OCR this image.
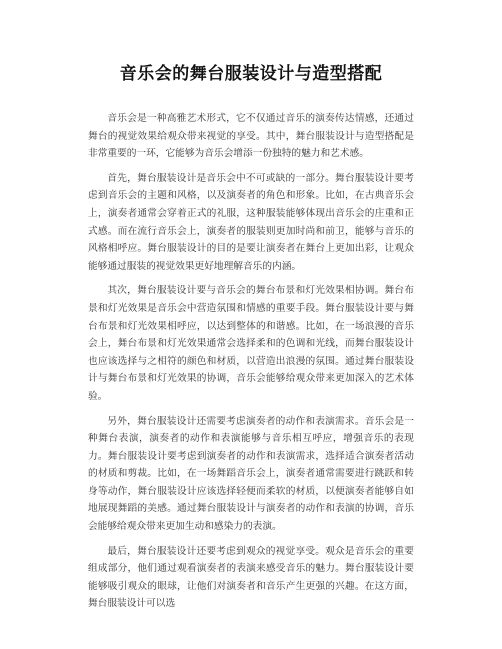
音乐会的舞台服装设计与造型搭配

音乐会是一种高雅艺术形式，它不仅通过音乐的演奏传达情感，还通过舞台的视觉效果给观众带来视觉的享受。其中，舞台服装设计与造型搭配是非常重要的一环，它能够为音乐会增添一份独特的魅力和艺术感。

首先，舞台服装设计是音乐会中不可或缺的一部分。舞台服装设计要考虑到音乐会的主题和风格，以及演奏者的角色和形象。比如，在古典音乐会上，演奏者通常会穿着正式的礼服，这种服装能够体现出音乐会的庄重和正式感。而在流行音乐会上，演奏者的服装则更加时尚和前卫，能够与音乐的风格相呼应。舞台服装设计的目的是要让演奏者在舞台上更加出彩，让观众能够通过服装的视觉效果更好地理解音乐的内涵。

其次，舞台服装设计要与音乐会的舞台布景和灯光效果相协调。舞台布景和灯光效果是音乐会中营造氛围和情感的重要手段。舞台服装设计要与舞台布景和灯光效果相呼应，以达到整体的和谐感。比如，在一场浪漫的音乐会上，舞台布景和灯光效果通常会选择柔和的色调和光线，而舞台服装设计也应该选择与之相符的颜色和材质，以营造出浪漫的氛围。通过舞台服装设计与舞台布景和灯光效果的协调，音乐会能够给观众带来更加深入的艺术体验。

另外，舞台服装设计还需要考虑演奏者的动作和表演需求。音乐会是一种舞台表演，演奏者的动作和表演能够与音乐相互呼应，增强音乐的表现力。舞台服装设计要考虑到演奏者的动作和表演需求，选择适合演奏者活动的材质和剪裁。比如，在一场舞蹈音乐会上，演奏者通常需要进行跳跃和转身等动作，舞台服装设计应该选择轻便而柔软的材质，以便演奏者能够自如地展现舞蹈的美感。通过舞台服装设计与演奏者的动作和表演的协调，音乐会能够给观众带来更加生动和感染力的表演。

最后，舞台服装设计还要考虑到观众的视觉享受。观众是音乐会的重要组成部分，他们通过观看演奏者的表演来感受音乐的魅力。舞台服装设计要能够吸引观众的眼球，让他们对演奏者和音乐产生更强的兴趣。在这方面，舞台服装设计可以选
